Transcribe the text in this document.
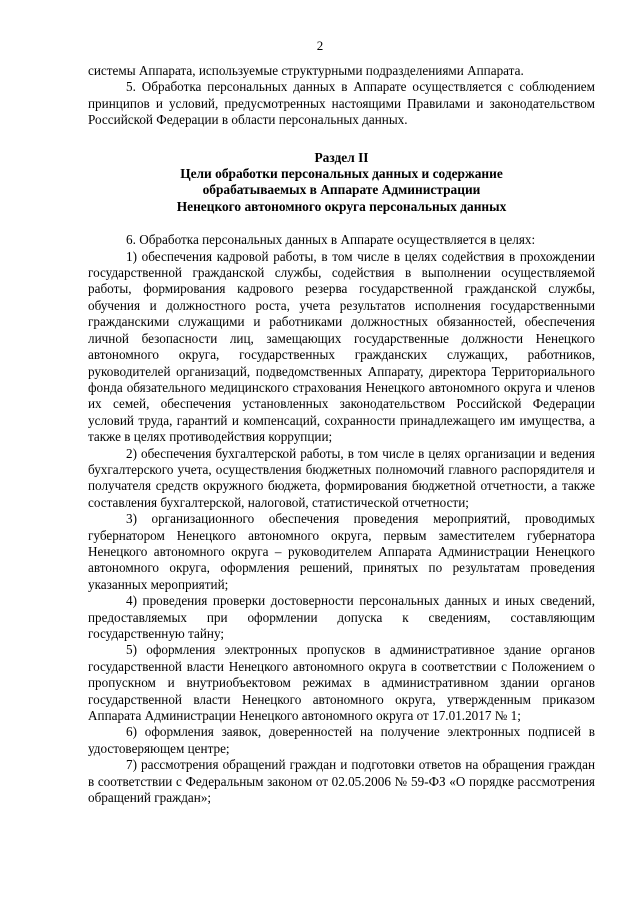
2

системы Аппарата, используемые структурными подразделениями Аппарата.

5. Обработка персональных данных в Аппарате осуществляется с соблюдением принципов и условий, предусмотренных настоящими Правилами и законодательством Российской Федерации в области персональных данных.

Раздел II
Цели обработки персональных данных и содержание
обрабатываемых в Аппарате Администрации
Ненецкого автономного округа персональных данных

6. Обработка персональных данных в Аппарате осуществляется в целях:

1) обеспечения кадровой работы, в том числе в целях содействия в прохождении государственной гражданской службы, содействия в выполнении осуществляемой работы, формирования кадрового резерва государственной гражданской службы, обучения и должностного роста, учета результатов исполнения государственными гражданскими служащими и работниками должностных обязанностей, обеспечения личной безопасности лиц, замещающих государственные должности Ненецкого автономного округа, государственных гражданских служащих, работников, руководителей организаций, подведомственных Аппарату, директора Территориального фонда обязательного медицинского страхования Ненецкого автономного округа и членов их семей, обеспечения установленных законодательством Российской Федерации условий труда, гарантий и компенсаций, сохранности принадлежащего им имущества, а также в целях противодействия коррупции;

2) обеспечения бухгалтерской работы, в том числе в целях организации и ведения бухгалтерского учета, осуществления бюджетных полномочий главного распорядителя и получателя средств окружного бюджета, формирования бюджетной отчетности, а также составления бухгалтерской, налоговой, статистической отчетности;

3) организационного обеспечения проведения мероприятий, проводимых губернатором Ненецкого автономного округа, первым заместителем губернатора Ненецкого автономного округа – руководителем Аппарата Администрации Ненецкого автономного округа, оформления решений, принятых по результатам проведения указанных мероприятий;

4) проведения проверки достоверности персональных данных и иных сведений, предоставляемых при оформлении допуска к сведениям, составляющим государственную тайну;

5) оформления электронных пропусков в административное здание органов государственной власти Ненецкого автономного округа в соответствии с Положением о пропускном и внутриобъектовом режимах в административном здании органов государственной власти Ненецкого автономного округа, утвержденным приказом Аппарата Администрации Ненецкого автономного округа от 17.01.2017 № 1;

6) оформления заявок, доверенностей на получение электронных подписей в удостоверяющем центре;

7) рассмотрения обращений граждан и подготовки ответов на обращения граждан в соответствии с Федеральным законом от 02.05.2006 № 59-ФЗ «О порядке рассмотрения обращений граждан»;
